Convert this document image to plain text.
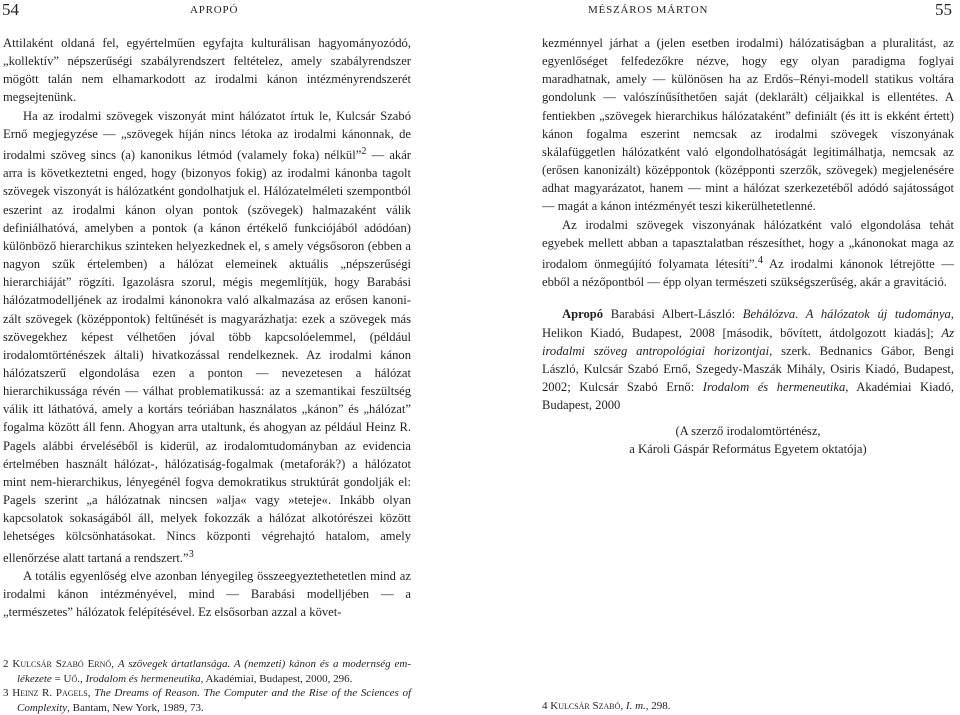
54	APROPÓ

Attilaként oldaná fel, egyértelműen egyfajta kulturálisan hagyományozódó, „kollektív” népszerűségi szabályrendszert feltételez, amely szabályrendszer mögött talán nem elhamarkodott az irodalmi kánon intézményrendszerét megsejtenünk.

Ha az irodalmi szövegek viszonyát mint hálózatot írtuk le, Kulcsár Szabó Ernő megjegyzése — „szövegek híján nincs létoka az irodalmi kánonnak, de irodalmi szöveg sincs (a) kanonikus létmód (valamely foka) nélkül”$^2$ — akár arra is következtetni enged, hogy (bizonyos fokig) az irodalmi kánonba tagolt szövegek viszonyát is hálózatként gondolhatjuk el. Hálózatelméleti szempontból eszerint az irodalmi kánon olyan pontok (szövegek) halmazaként válik definiálhatóvá, amelyben a pontok (a kánon értékelő funkciójából adódóan) különböző hierarchikus szinteken helyezkednek el, s amely végsősoron (ebben a nagyon szűk értelemben) a hálózat elemeinek aktuális „népszerűségi hierarchiáját” rögzíti. Igazolásra szorul, mégis megemlítjük, hogy Barabási hálózatmodelljének az irodalmi kánonokra való alkalmazása az erősen kanonizált szövegek (középpontok) feltűnését is magyarázhatja: ezek a szövegek más szövegekhez képest vélhetően jóval több kapcsolóelemmel, (például irodalomtörténészek általi) hivatkozással rendelkeznek. Az irodalmi kánon hálózatszerű elgondolása ezen a ponton — nevezetesen a hálózat hierarchikussága révén — válhat problematikussá: az a szemantikai feszültség válik itt láthatóvá, amely a kortárs teóriában használatos „kánon” és „hálózat” fogalma között áll fenn. Ahogyan arra utaltunk, és ahogyan az például Heinz R. Pagels alábbi érveléséből is kiderül, az irodalomtudományban az evidencia értelmében használt hálózat-, hálózatiság-fogalmak (metaforák?) a hálózatot mint nem-hierarchikus, lényegénél fogva demokratikus struktúrát gondolják el: Pagels szerint „a hálózatnak nincsen »alja« vagy »teteje«. Inkább olyan kapcsolatok sokaságából áll, melyek fokozzák a hálózat alkotórészei között lehetséges kölcsönhatásokat. Nincs központi végrehajtó hatalom, amely ellenőrzése alatt tartaná a rendszert.”$^3$

A totális egyenlőség elve azonban lényegileg összeegyeztethetetlen mind az irodalmi kánon intézményével, mind — Barabási modelljében — a „természetes” hálózatok felépítésével. Ez elsősorban azzal a követ-

2 Kulcsár Szabó Ernő, A szövegek ártatlansága. A (nemzeti) kánon és a modernség emlékezete = Uő., Irodalom és hermeneutika, Akadémiai, Budapest, 2000, 296.

3 Heinz R. Pagels, The Dreams of Reason. The Computer and the Rise of the Sciences of Complexity, Bantam, New York, 1989, 73.

MÉSZÁROS MÁRTON	55

kezménnyel járhat a (jelen esetben irodalmi) hálózatiságban a pluralitást, az egyenlőséget felfedezőkre nézve, hogy egy olyan paradigma foglyai maradhatnak, amely — különösen ha az Erdős–Rényi-modell statikus voltára gondolunk — valószínűsíthetően saját (deklarált) céljaikkal is ellentétes. A fentiekben „szövegek hierarchikus hálózataként” definiált (és itt is ekként értett) kánon fogalma eszerint nemcsak az irodalmi szövegek viszonyának skálafüggetlen hálózatként való elgondolhatóságát legitimálhatja, nemcsak az (erősen kanonizált) középpontok (középponti szerzők, szövegek) megjelenésére adhat magyarázatot, hanem — mint a hálózat szerkezetéből adódó sajátosságot — magát a kánon intézményét teszi kikerülhetetlenné.

Az irodalmi szövegek viszonyának hálózatként való elgondolása tehát egyebek mellett abban a tapasztalatban részesíthet, hogy a „kánonokat maga az irodalom önmegújító folyamata létesíti”.$^4$ Az irodalmi kánonok létrejötte — ebből a nézőpontból — épp olyan természeti szükségszerűség, akár a gravitáció.

Apropó Barabási Albert-László: Behálózva. A hálózatok új tudománya, Helikon Kiadó, Budapest, 2008 [második, bővített, átdolgozott kiadás]; Az irodalmi szöveg antropológiai horizontjai, szerk. Bednanics Gábor, Bengi László, Kulcsár Szabó Ernő, Szegedy-Maszák Mihály, Osiris Kiadó, Budapest, 2002; Kulcsár Szabó Ernő: Irodalom és hermeneutika, Akadémiai Kiadó, Budapest, 2000

(A szerző irodalomtörténész,
a Károli Gáspár Református Egyetem oktatója)

4 Kulcsár Szabó, I. m., 298.
